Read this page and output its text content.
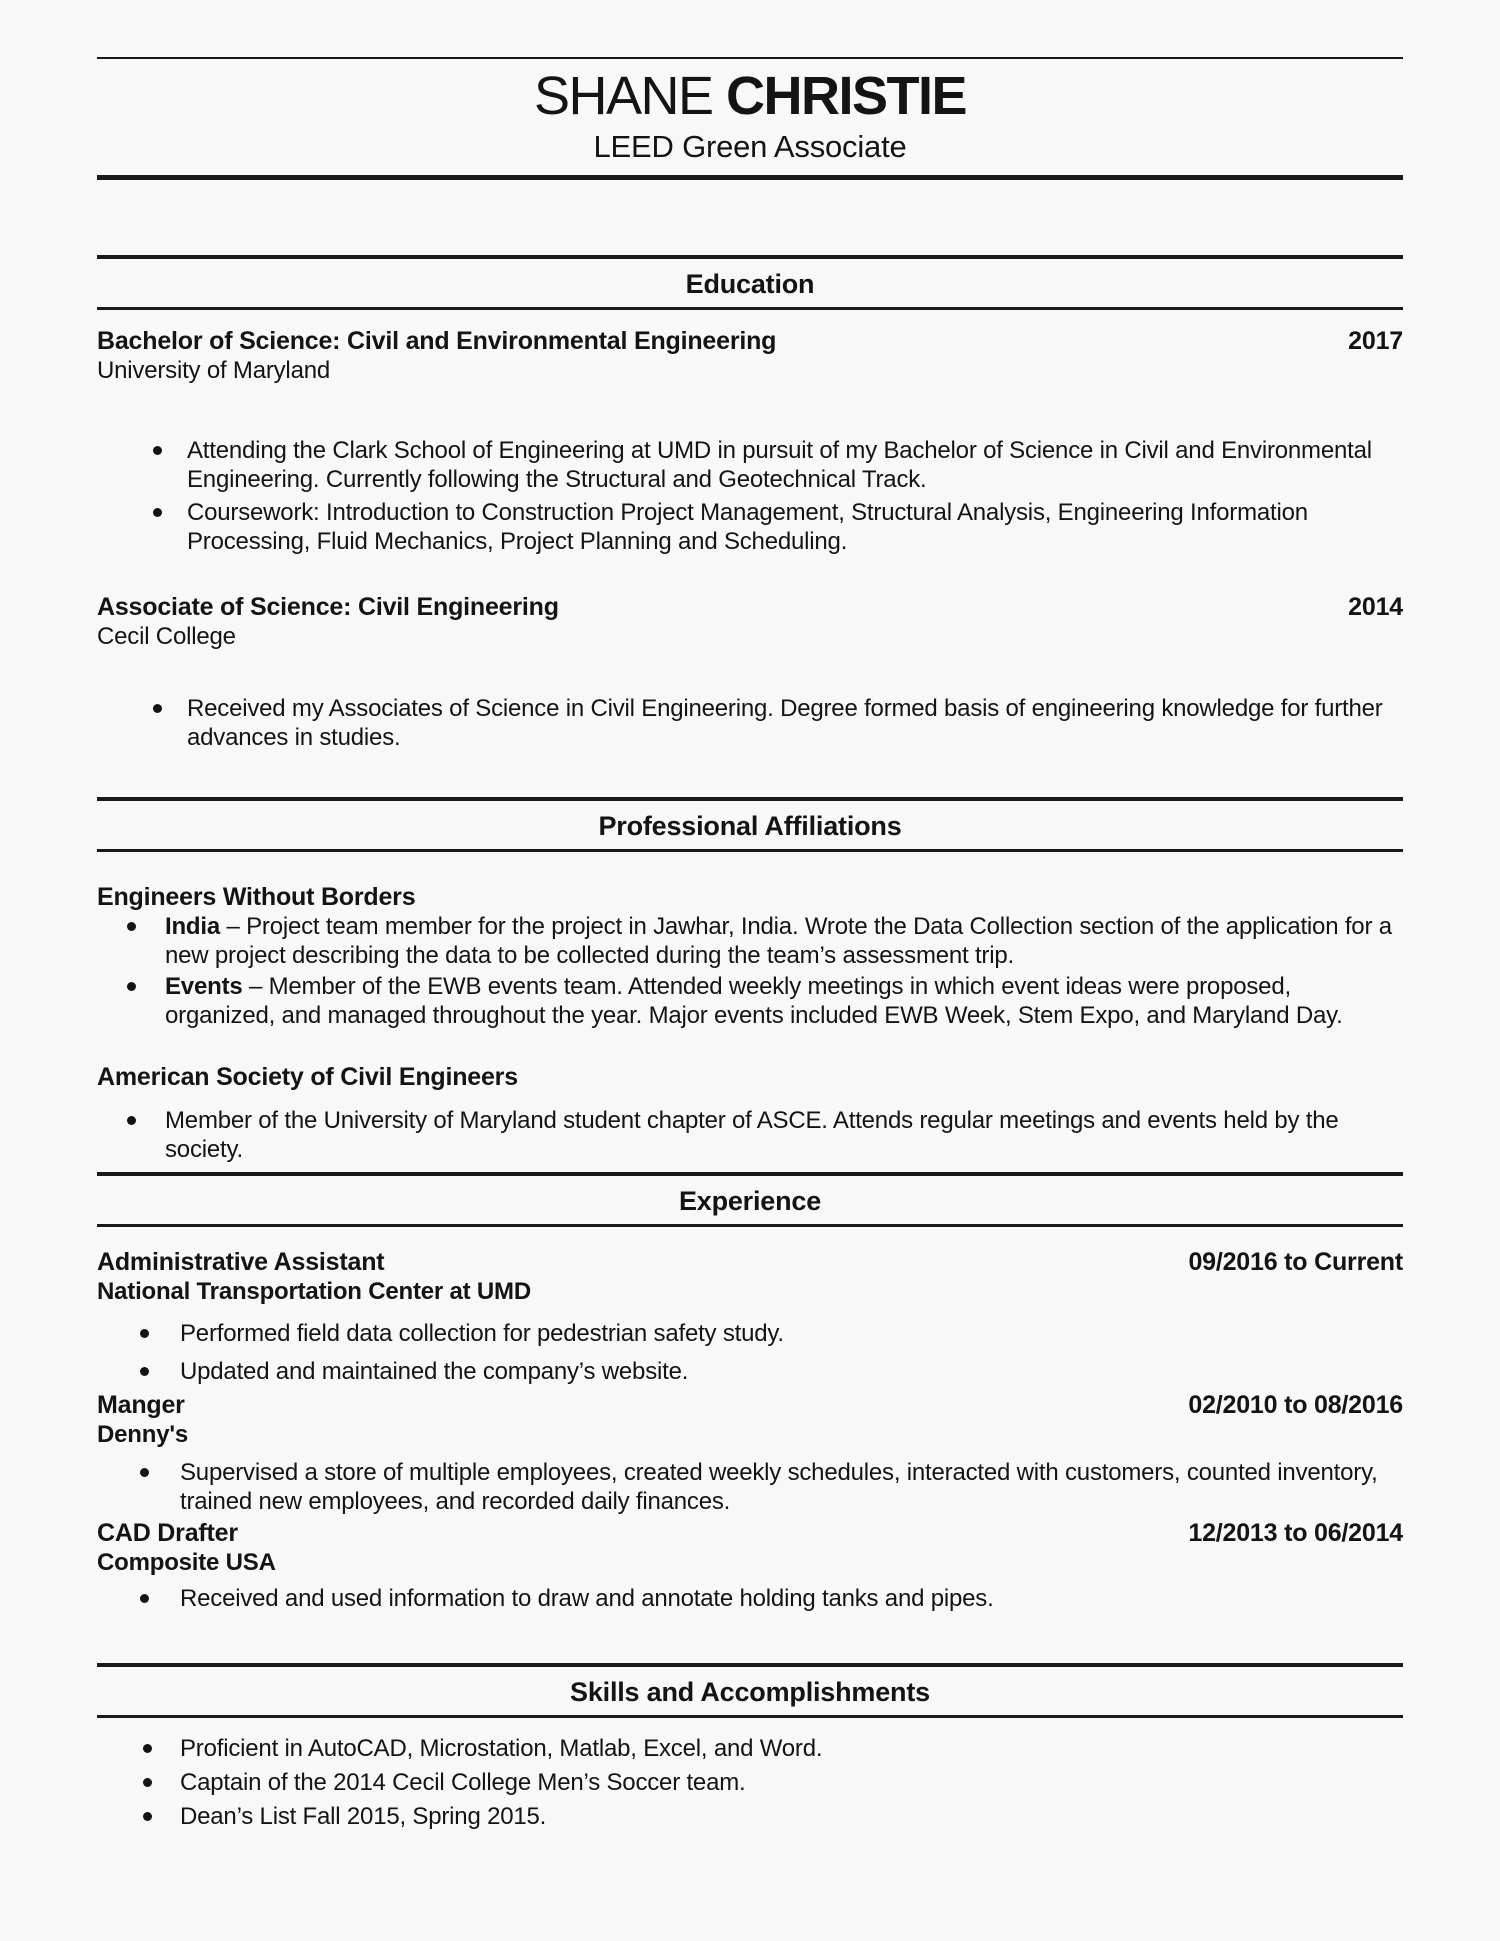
SHANE CHRISTIE
LEED Green Associate
Education
Bachelor of Science: Civil and Environmental Engineering	2017
University of Maryland
Attending the Clark School of Engineering at UMD in pursuit of my Bachelor of Science in Civil and Environmental Engineering. Currently following the Structural and Geotechnical Track.
Coursework: Introduction to Construction Project Management, Structural Analysis, Engineering Information Processing, Fluid Mechanics, Project Planning and Scheduling.
Associate of Science: Civil Engineering	2014
Cecil College
Received my Associates of Science in Civil Engineering. Degree formed basis of engineering knowledge for further advances in studies.
Professional Affiliations
Engineers Without Borders
India – Project team member for the project in Jawhar, India. Wrote the Data Collection section of the application for a new project describing the data to be collected during the team’s assessment trip.
Events – Member of the EWB events team. Attended weekly meetings in which event ideas were proposed, organized, and managed throughout the year. Major events included EWB Week, Stem Expo, and Maryland Day.
American Society of Civil Engineers
Member of the University of Maryland student chapter of ASCE. Attends regular meetings and events held by the society.
Experience
Administrative Assistant	09/2016 to Current
National Transportation Center at UMD
Performed field data collection for pedestrian safety study.
Updated and maintained the company’s website.
Manger	02/2010 to 08/2016
Denny's
Supervised a store of multiple employees, created weekly schedules, interacted with customers, counted inventory, trained new employees, and recorded daily finances.
CAD Drafter	12/2013 to 06/2014
Composite USA
Received and used information to draw and annotate holding tanks and pipes.
Skills and Accomplishments
Proficient in AutoCAD, Microstation, Matlab, Excel, and Word.
Captain of the 2014 Cecil College Men’s Soccer team.
Dean’s List Fall 2015, Spring 2015.
